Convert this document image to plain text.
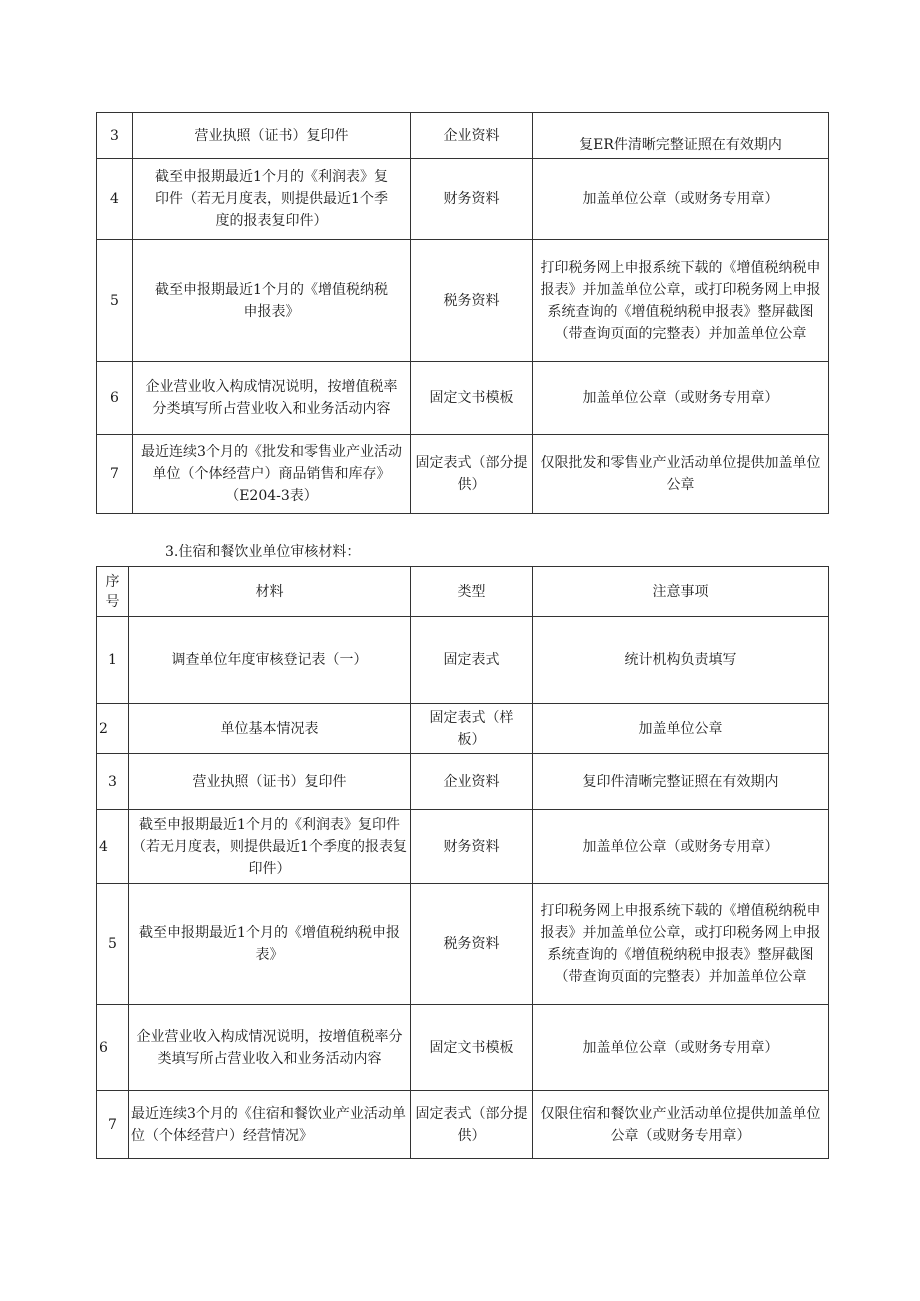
3	营业执照（证书）复印件	企业资料	复ER件清晰完整证照在有效期内
4	截至申报期最近1个月的《利润表》复印件（若无月度表，则提供最近1个季度的报表复印件）	财务资料	加盖单位公章（或财务专用章）
5	截至申报期最近1个月的《增值税纳税申报表》	税务资料	打印税务网上申报系统下载的《增值税纳税申报表》并加盖单位公章，或打印税务网上申报系统查询的《增值税纳税申报表》整屏截图（带查询页面的完整表）并加盖单位公章
6	企业营业收入构成情况说明，按增值税率分类填写所占营业收入和业务活动内容	固定文书模板	加盖单位公章（或财务专用章）
7	最近连续3个月的《批发和零售业产业活动单位（个体经营户）商品销售和库存》（E204-3表）	固定表式（部分提供）	仅限批发和零售业产业活动单位提供加盖单位公章
3.住宿和餐饮业单位审核材料：
序号	材料	类型	注意事项
1	调查单位年度审核登记表（一）	固定表式	统计机构负责填写
2	单位基本情况表	固定表式（样板）	加盖单位公章
3	营业执照（证书）复印件	企业资料	复印件清晰完整证照在有效期内
4	截至申报期最近1个月的《利润表》复印件（若无月度表，则提供最近1个季度的报表复印件）	财务资料	加盖单位公章（或财务专用章）
5	截至申报期最近1个月的《增值税纳税申报表》	税务资料	打印税务网上申报系统下载的《增值税纳税申报表》并加盖单位公章，或打印税务网上申报系统查询的《增值税纳税申报表》整屏截图（带查询页面的完整表）并加盖单位公章
6	企业营业收入构成情况说明，按增值税率分类填写所占营业收入和业务活动内容	固定文书模板	加盖单位公章（或财务专用章）
7	最近连续3个月的《住宿和餐饮业产业活动单位（个体经营户）经营情况》	固定表式（部分提供）	仅限住宿和餐饮业产业活动单位提供加盖单位公章（或财务专用章）
